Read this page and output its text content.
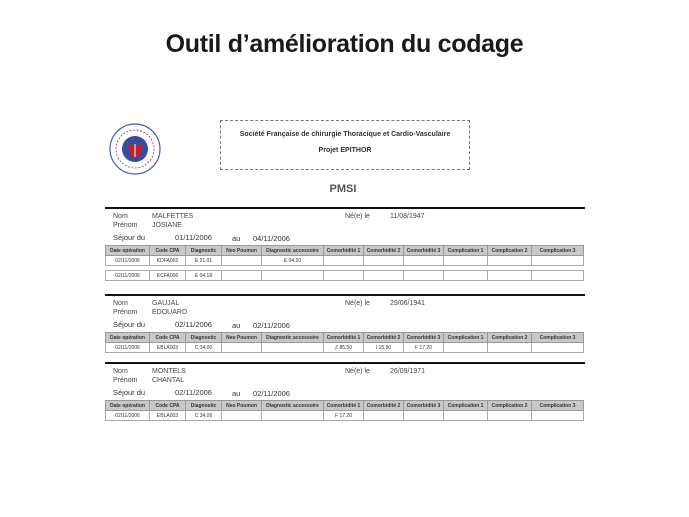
Outil d’amélioration du codage
Société Française de chirurgie Thoracique et Cardio-Vasculaire
Projet EPITHOR
PMSI
Nom	MALFETTES
Prénom JOSIANE
Né(e) le	11/08/1947
Séjour du	01/11/2006	au 04/11/2006
Date opération	Code CPA	Diagnostic	Neo Poumon	Diagnostic accessoire	Comorbidité 1	Comorbidité 2	Comorbidité 3	Complication 1	Complication 2	Complication 3
02/11/2006	KDFA002	E 21.01		E 04.20						

02/11/2006	KCFA006	E 04.18								
Nom	GAUJAL
Prénom EDOUARD
Né(e) le	29/06/1941
Séjour du	02/11/2006	au 02/11/2006
Date opération	Code CPA	Diagnostic	Neo Poumon	Diagnostic accessoire	Comorbidité 1	Comorbidité 2	Comorbidité 3	Complication 1	Complication 2	Complication 3
02/11/2006	EBLA003	C 34.00			Z 85.50	I 15.90	F 17.20			
Nom	MONTELS
Prénom CHANTAL
Né(e) le	26/09/1971
Séjour du	02/11/2006	au 02/11/2006
Date opération	Code CPA	Diagnostic	Neo Poumon	Diagnostic accessoire	Comorbidité 1	Comorbidité 2	Comorbidité 3	Complication 1	Complication 2	Complication 3
02/11/2006	EBLA003	C 34.06			F 17.20					
